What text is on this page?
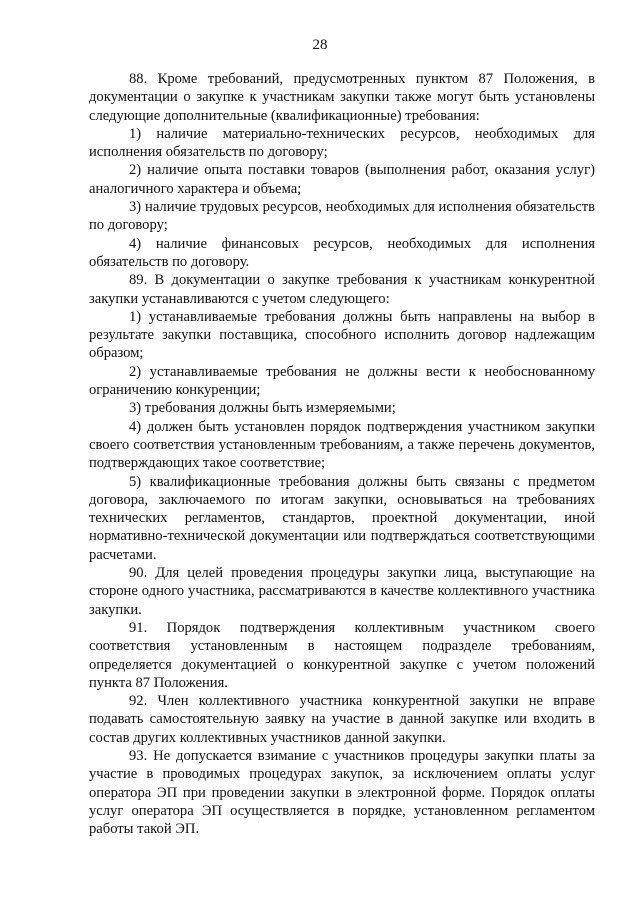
28

88. Кроме требований, предусмотренных пунктом 87 Положения, в документации о закупке к участникам закупки также могут быть установлены следующие дополнительные (квалификационные) требования:

1) наличие материально-технических ресурсов, необходимых для исполнения обязательств по договору;

2) наличие опыта поставки товаров (выполнения работ, оказания услуг) аналогичного характера и объема;

3) наличие трудовых ресурсов, необходимых для исполнения обязательств по договору;

4) наличие финансовых ресурсов, необходимых для исполнения обязательств по договору.

89. В документации о закупке требования к участникам конкурентной закупки устанавливаются с учетом следующего:

1) устанавливаемые требования должны быть направлены на выбор в результате закупки поставщика, способного исполнить договор надлежащим образом;

2) устанавливаемые требования не должны вести к необоснованному ограничению конкуренции;

3) требования должны быть измеряемыми;

4) должен быть установлен порядок подтверждения участником закупки своего соответствия установленным требованиям, а также перечень документов, подтверждающих такое соответствие;

5) квалификационные требования должны быть связаны с предметом договора, заключаемого по итогам закупки, основываться на требованиях технических регламентов, стандартов, проектной документации, иной нормативно-технической документации или подтверждаться соответствующими расчетами.

90. Для целей проведения процедуры закупки лица, выступающие на стороне одного участника, рассматриваются в качестве коллективного участника закупки.

91. Порядок подтверждения коллективным участником своего соответствия установленным в настоящем подразделе требованиям, определяется документацией о конкурентной закупке с учетом положений пункта 87 Положения.

92. Член коллективного участника конкурентной закупки не вправе подавать самостоятельную заявку на участие в данной закупке или входить в состав других коллективных участников данной закупки.

93. Не допускается взимание с участников процедуры закупки платы за участие в проводимых процедурах закупок, за исключением оплаты услуг оператора ЭП при проведении закупки в электронной форме. Порядок оплаты услуг оператора ЭП осуществляется в порядке, установленном регламентом работы такой ЭП.
